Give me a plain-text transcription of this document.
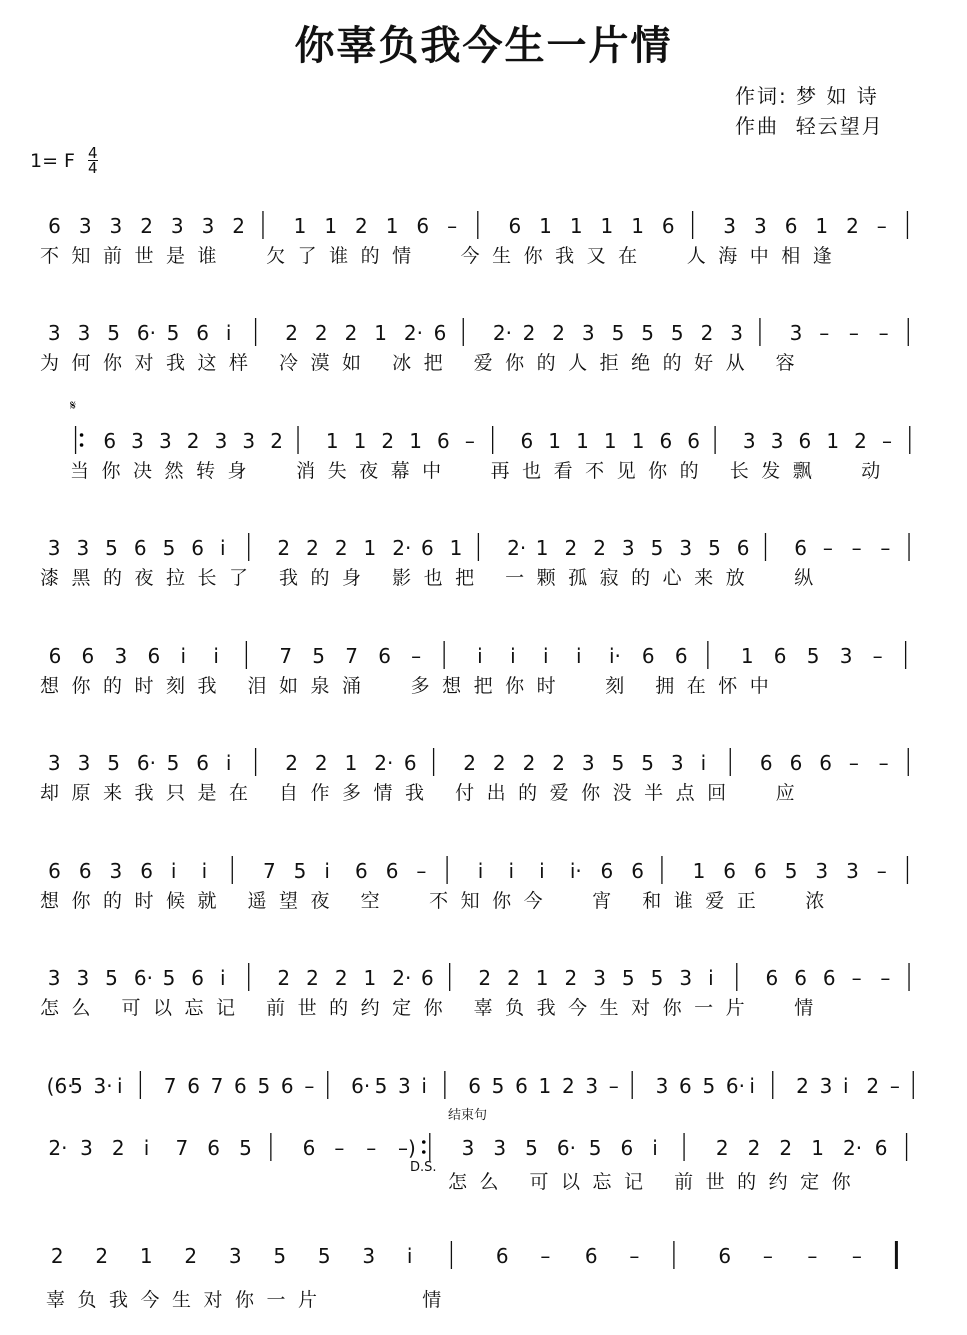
你辜负我今生一片情
作词: 梦 如 诗
作曲  轻云望月
1= F 4
4
𝄋
结束句
D.S.
6 3 3 2 3 3 2 1 1 2 1 6 –	6 1 1 1 1 6 3 3 6 1 2 –
不知前世是谁  欠了谁的情  今生你我又在  人海中相逢
3 3 5 6· 5 6 i	2 2 2 1 2· 6 2· 2 2 3 5 5 5 2 3 3 – – –
为何你对我这样 冷漠如 冰把 爱你的人拒绝的好从 容
6 3 3 2 3 3 2 1 1 2 1 6 – 6 1 1 1 1 6 6 3 3 6 1 2 –
当你决然转身  消失夜幕中  再也看不见你的 长发飘  动
3 3 5 6 5 6 i	2 2 2 1 2· 6 1 2· 1 2 2 3 5 3 5 6 6 – – –
漆黑的夜拉长了 我的身 影也把 一颗孤寂的心来放  纵
6 6 3 6 i i	7 5 7 6 –	i i i i i· 6 6	1 6 5 3 –
想你的时刻我 泪如泉涌  多想把你时  刻 拥在怀中
3 3 5 6· 5 6 i	2 2 1 2· 6 2 2 2 2 3 5 5 3 i	6 6 6 – –
却原来我只是在 自作多情我 付出的爱你没半点回  应
6 6 3 6 i i	7 5 i 6 6 –	i i i i· 6 6 1 6 6 5 3 3 –
想你的时候就 遥望夜 空  不知你今  宵 和谁爱正  浓
3 3 5 6· 5 6 i	2 2 2 1 2· 6 2 2 1 2 3 5 5 3 i	6 6 6 – –
怎么 可以忘记 前世的约定你 辜负我今生对你一片  情
(6·
5 3· i 7 6 7 6 5 6 – 6· 5 3 i 6 5 6 1 2 3 – 3 6 5 6· i 2 3 i 2 –
2· 3 2 i 7 6 5	6 – – –) 3 3 5 6· 5 6 i	2 2 2 1 2· 6
怎么 可以忘记 前世的约定你
2 2 1 2 3 5 5 3 i	6 – 6 –	6 – – –
辜负我今生对你一片     情
